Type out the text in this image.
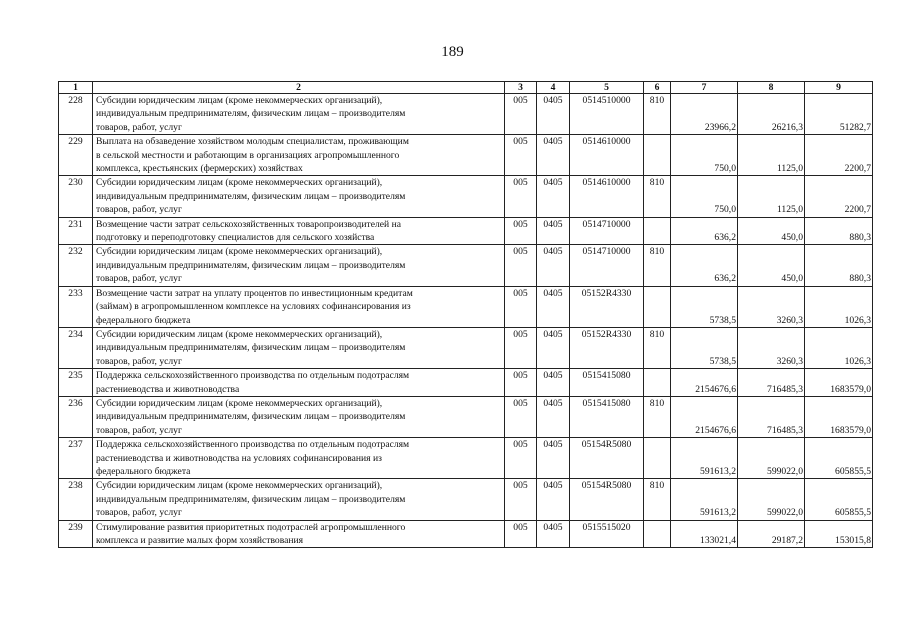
189
1	2	3	4	5	6	7	8	9
228	Субсидии юридическим лицам (кроме некоммерческих организаций),
индивидуальным предпринимателям, физическим лицам – производителям
товаров, работ, услуг	005	0405	0514510000	810	23966,2	26216,3	51282,7
229	Выплата на обзаведение хозяйством молодым специалистам, проживающим
в сельской местности и работающим в организациях агропромышленного
комплекса, крестьянских (фермерских) хозяйствах	005	0405	0514610000		750,0	1125,0	2200,7
230	Субсидии юридическим лицам (кроме некоммерческих организаций),
индивидуальным предпринимателям, физическим лицам – производителям
товаров, работ, услуг	005	0405	0514610000	810	750,0	1125,0	2200,7
231	Возмещение части затрат сельскохозяйственных товаропроизводителей на
подготовку и переподготовку специалистов для сельского хозяйства	005	0405	0514710000		636,2	450,0	880,3
232	Субсидии юридическим лицам (кроме некоммерческих организаций),
индивидуальным предпринимателям, физическим лицам – производителям
товаров, работ, услуг	005	0405	0514710000	810	636,2	450,0	880,3
233	Возмещение части затрат на уплату процентов по инвестиционным кредитам
(займам) в агропромышленном комплексе на условиях софинансирования из
федерального бюджета	005	0405	05152R4330		5738,5	3260,3	1026,3
234	Субсидии юридическим лицам (кроме некоммерческих организаций),
индивидуальным предпринимателям, физическим лицам – производителям
товаров, работ, услуг	005	0405	05152R4330	810	5738,5	3260,3	1026,3
235	Поддержка сельскохозяйственного производства по отдельным подотраслям
растениеводства и животноводства	005	0405	0515415080		2154676,6	716485,3	1683579,0
236	Субсидии юридическим лицам (кроме некоммерческих организаций),
индивидуальным предпринимателям, физическим лицам – производителям
товаров, работ, услуг	005	0405	0515415080	810	2154676,6	716485,3	1683579,0
237	Поддержка сельскохозяйственного производства по отдельным подотраслям
растениеводства и животноводства на условиях софинансирования из
федерального бюджета	005	0405	05154R5080		591613,2	599022,0	605855,5
238	Субсидии юридическим лицам (кроме некоммерческих организаций),
индивидуальным предпринимателям, физическим лицам – производителям
товаров, работ, услуг	005	0405	05154R5080	810	591613,2	599022,0	605855,5
239	Стимулирование развития приоритетных подотраслей агропромышленного
комплекса и развитие малых форм хозяйствования	005	0405	0515515020		133021,4	29187,2	153015,8
